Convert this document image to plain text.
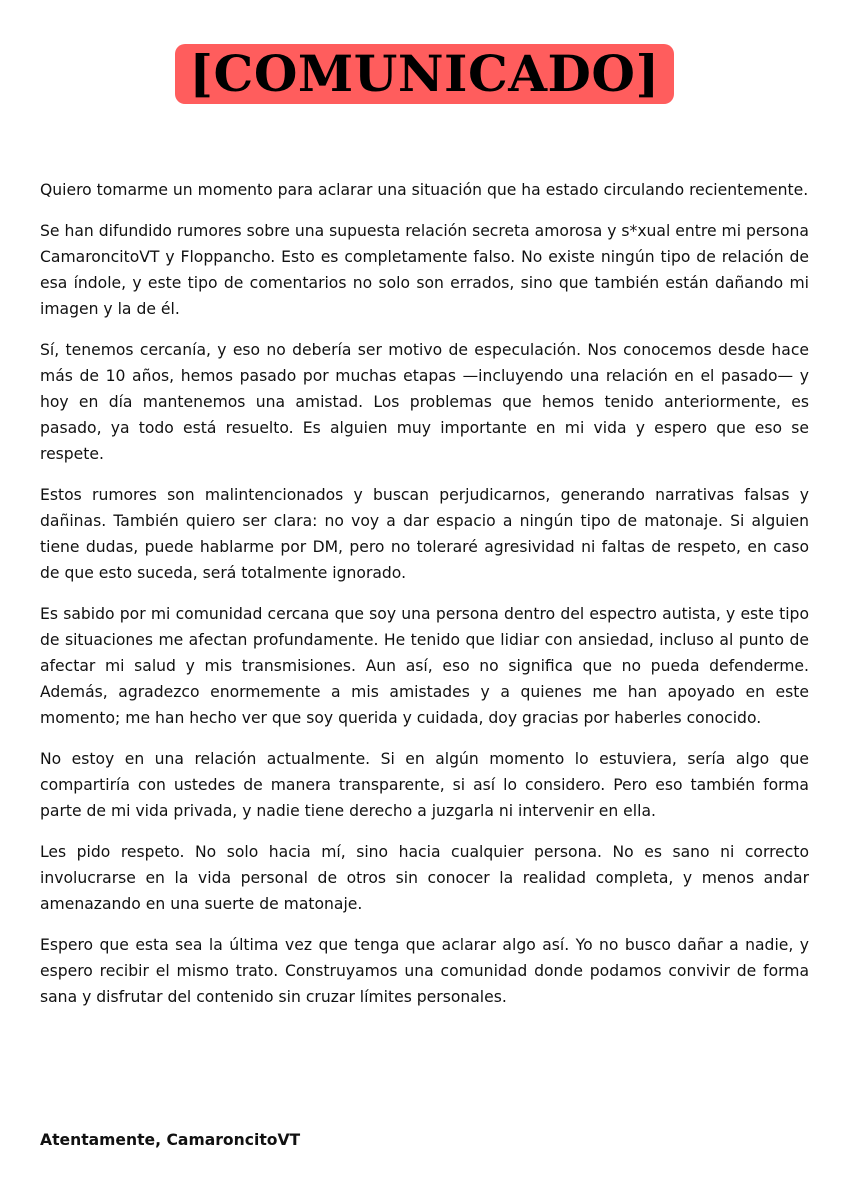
[COMUNICADO]

Quiero tomarme un momento para aclarar una situación que ha estado circulando recientemente.

Se han difundido rumores sobre una supuesta relación secreta amorosa y s*xual entre mi persona CamaroncitoVT y Floppancho. Esto es completamente falso. No existe ningún tipo de relación de esa índole, y este tipo de comentarios no solo son errados, sino que también están dañando mi imagen y la de él.

Sí, tenemos cercanía, y eso no debería ser motivo de especulación. Nos conocemos desde hace más de 10 años, hemos pasado por muchas etapas —incluyendo una relación en el pasado— y hoy en día mantenemos una amistad. Los problemas que hemos tenido anteriormente, es pasado, ya todo está resuelto. Es alguien muy importante en mi vida y espero que eso se respete.

Estos rumores son malintencionados y buscan perjudicarnos, generando narrativas falsas y dañinas. También quiero ser clara: no voy a dar espacio a ningún tipo de matonaje. Si alguien tiene dudas, puede hablarme por DM, pero no toleraré agresividad ni faltas de respeto, en caso de que esto suceda, será totalmente ignorado.

Es sabido por mi comunidad cercana que soy una persona dentro del espectro autista, y este tipo de situaciones me afectan profundamente. He tenido que lidiar con ansiedad, incluso al punto de afectar mi salud y mis transmisiones. Aun así, eso no significa que no pueda defenderme. Además, agradezco enormemente a mis amistades y a quienes me han apoyado en este momento; me han hecho ver que soy querida y cuidada, doy gracias por haberles conocido.

No estoy en una relación actualmente. Si en algún momento lo estuviera, sería algo que compartiría con ustedes de manera transparente, si así lo considero. Pero eso también forma parte de mi vida privada, y nadie tiene derecho a juzgarla ni intervenir en ella.

Les pido respeto. No solo hacia mí, sino hacia cualquier persona. No es sano ni correcto involucrarse en la vida personal de otros sin conocer la realidad completa, y menos andar amenazando en una suerte de matonaje.

Espero que esta sea la última vez que tenga que aclarar algo así. Yo no busco dañar a nadie, y espero recibir el mismo trato. Construyamos una comunidad donde podamos convivir de forma sana y disfrutar del contenido sin cruzar límites personales.

Atentamente, CamaroncitoVT
